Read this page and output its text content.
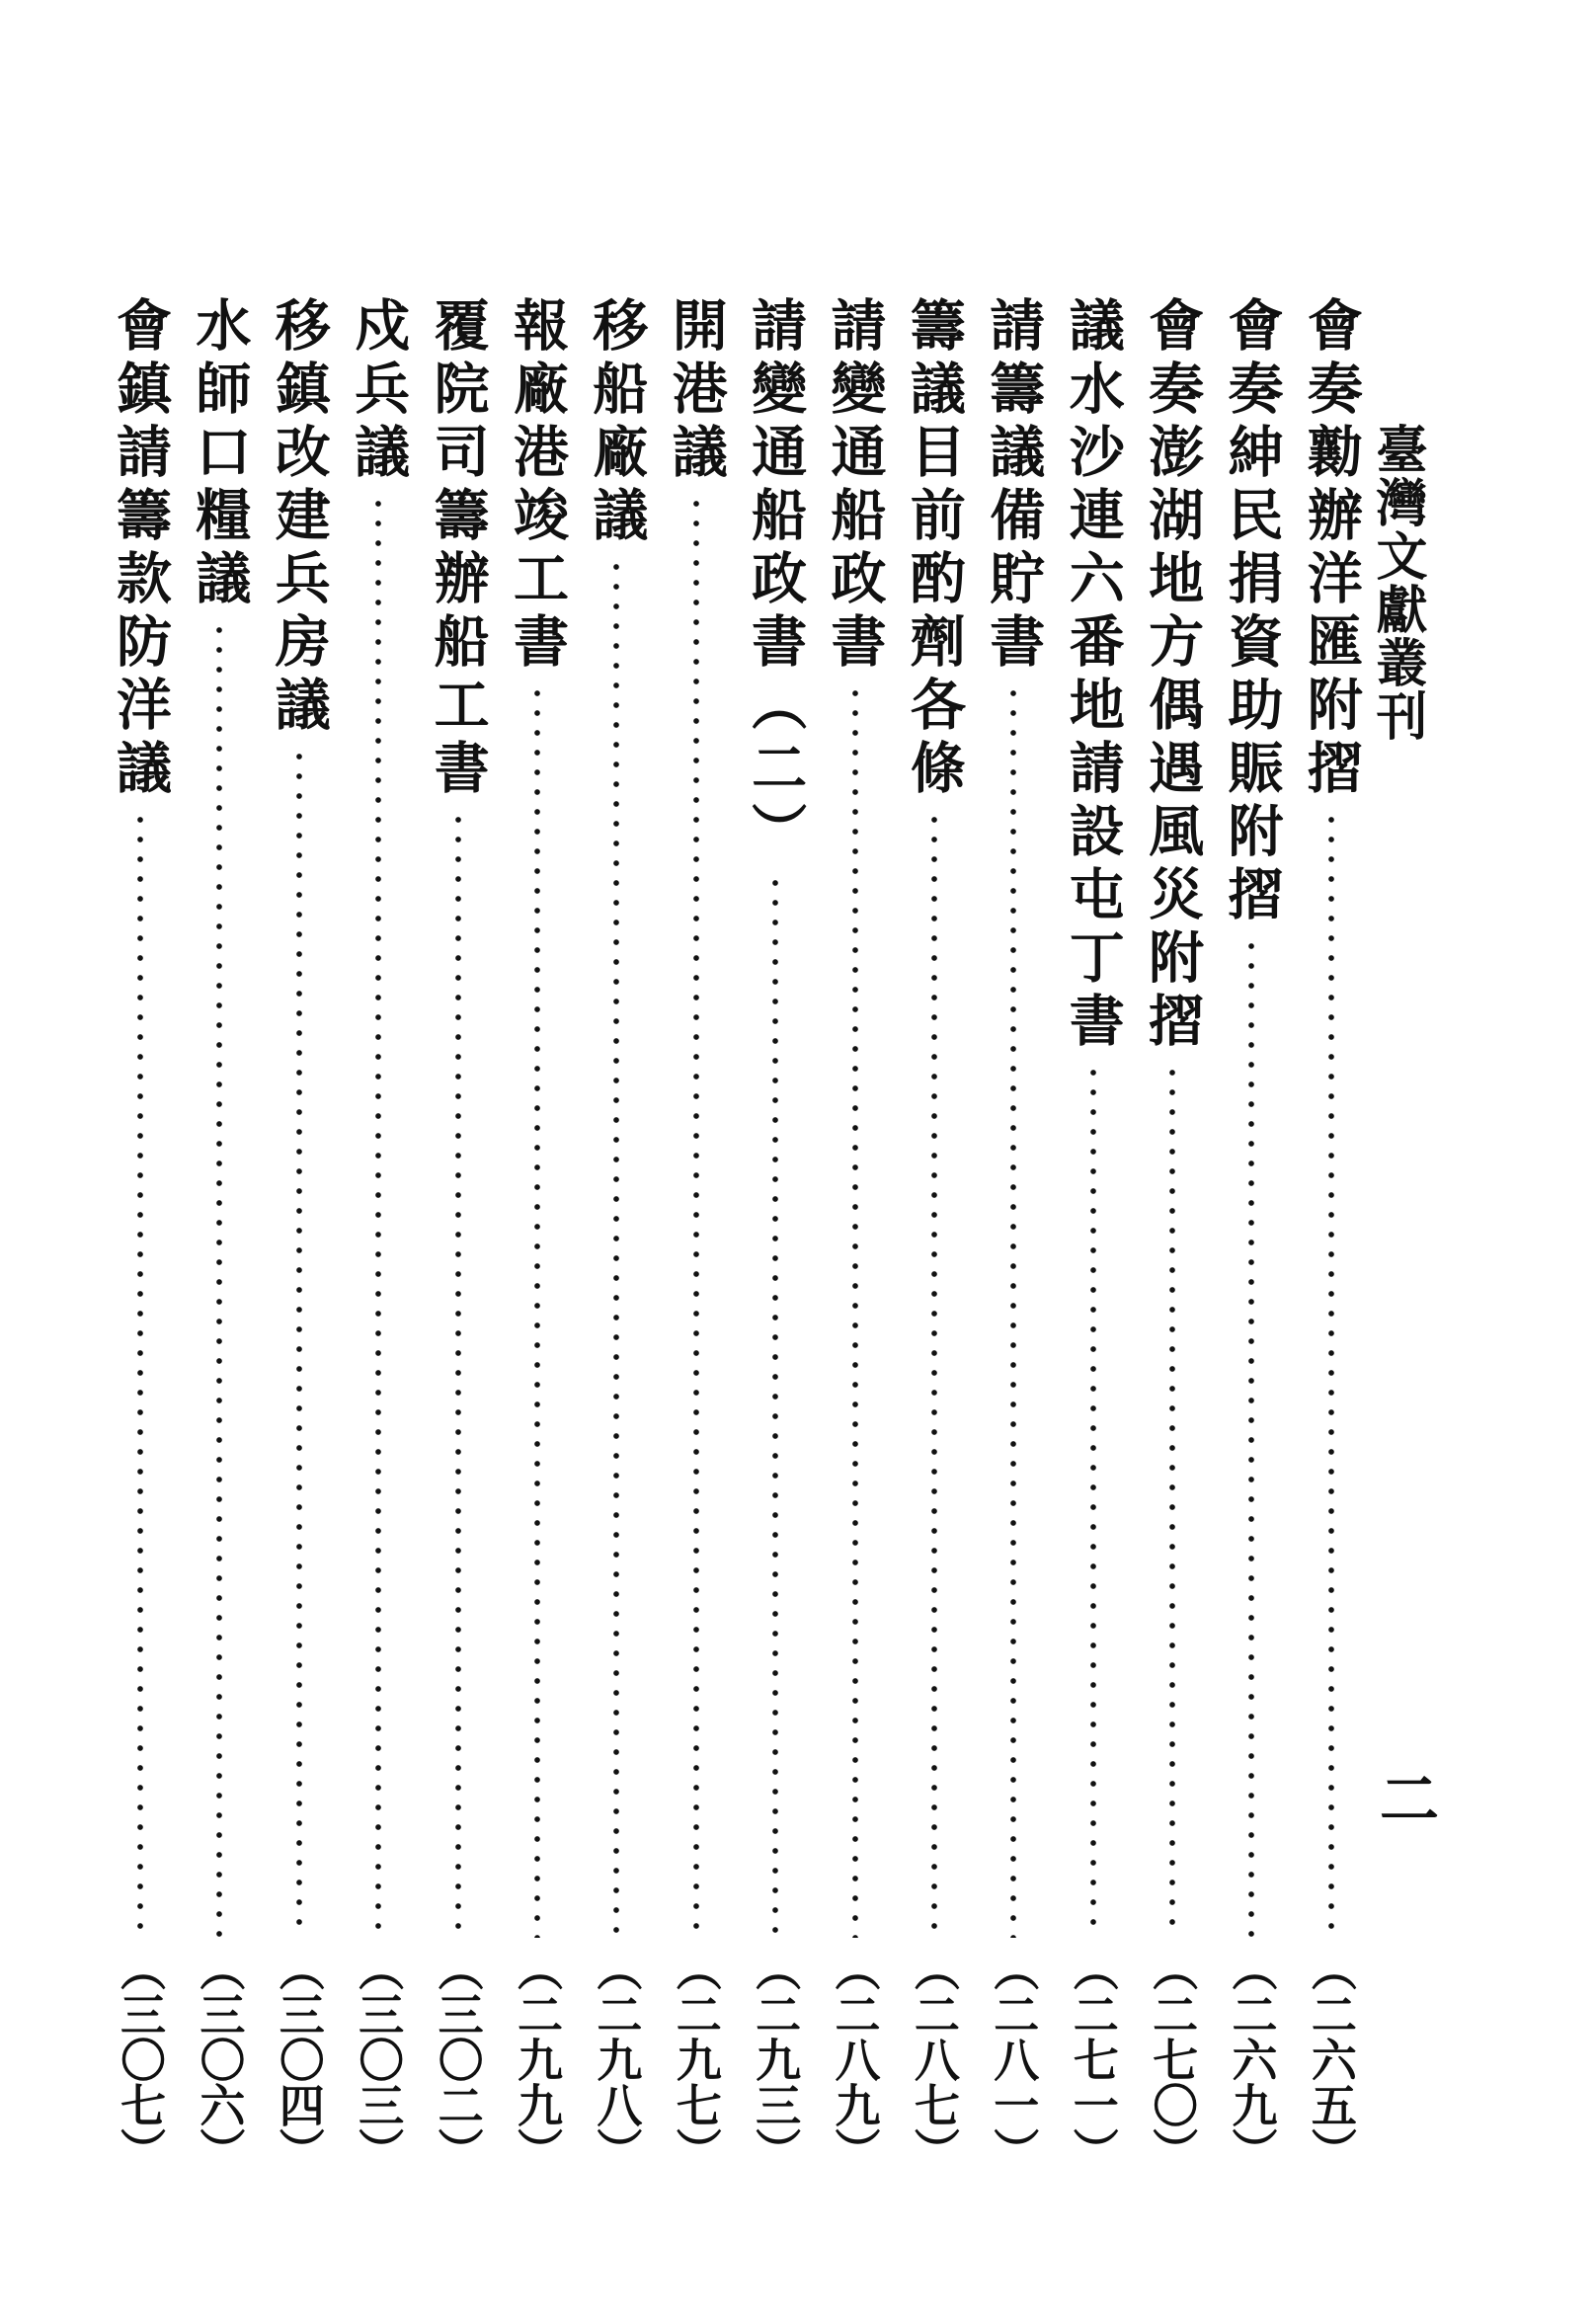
臺灣文獻叢刊
二
會奏勷辦洋匯附摺
（二六五）
會奏紳民捐資助賑附摺
（二六九）
會奏澎湖地方偶遇風災附摺
（二七〇）
議水沙連六番地請設屯丁書
（二七一）
請籌議備貯書
（二八一）
籌議目前酌劑各條
（二八七）
請變通船政書
（二八九）
請變通船政書（二）
（二九三）
開港議
（二九七）
移船廠議
（二九八）
報廠港竣工書
（二九九）
覆院司籌辦船工書
（三〇二）
戍兵議
（三〇三）
移鎮改建兵房議
（三〇四）
水師口糧議
（三〇六）
會鎮請籌款防洋議
（三〇七）
